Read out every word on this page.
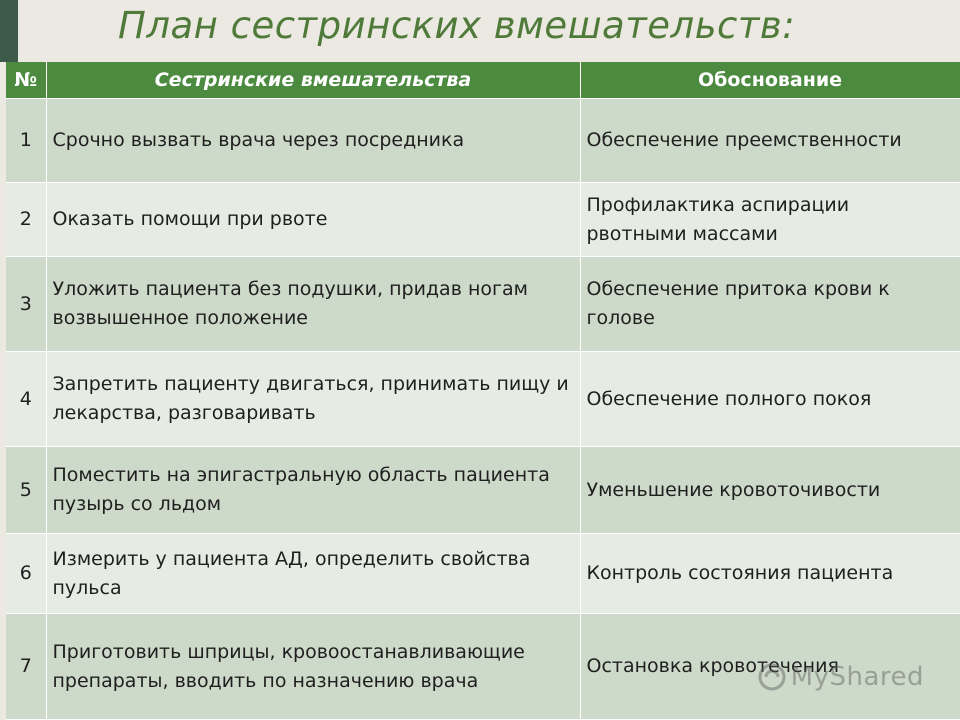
План сестринских вмешательств:
№	Сестринские вмешательства	Обоснование
1	Срочно вызвать врача через посредника	Обеспечение преемственности
2	Оказать помощи при рвоте	Профилактика аспирации рвотными массами
3	Уложить пациента без подушки, придав ногам возвышенное положение	Обеспечение притока крови к голове
4	Запретить пациенту двигаться, принимать пищу и лекарства, разговаривать	Обеспечение полного покоя
5	Поместить на эпигастральную область пациента пузырь со льдом	Уменьшение кровоточивости
6	Измерить у пациента АД, определить свойства пульса	Контроль состояния пациента
7	Приготовить шприцы, кровоостанавливающие препараты, вводить по назначению врача	Остановка кровотечения
MyShared
